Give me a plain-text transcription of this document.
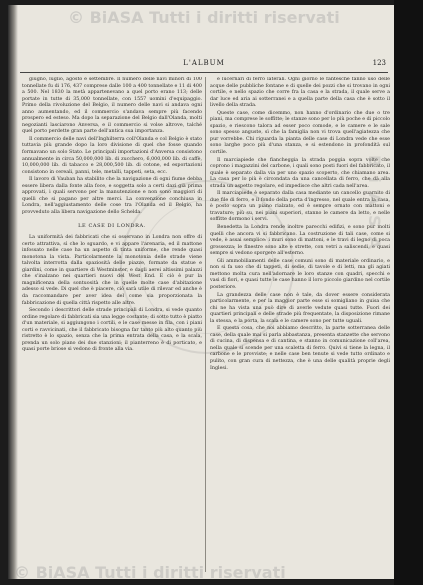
© BiASA Tutti i diritti riservati
L'ALBUM	123

giugno, luglio, agosto e settembre. Il numero delle navi minori di 100 tonnellate fu di 176, 437 comprese dalle 100 a 400 tonnellate e 11 di 400 a 500. Nel 1830 la metà appartenevano a quel porto erano 113; delle portate in tutte di 35,000 tonnellate, con 1557 uomini d'equipaggio. Primo della rivoluzione del Belgio, il numero delle navi si andava ogni anno aumentando, ed il commercio s'andava sempre più facendo prospero ed esteso. Ma dopo la separazione del Belgio dall'Olanda, molti negozianti lasciarono Anversa, e il commercio si volse altrove, talché quel porto perdette gran parte dell'antica sua importanza.

Il commercio delle navi dell'Inghilterra coll'Olanda e col Belgio è stato tuttavia più grande dopo la loro divisione di quel che fosse quando formavano un solo Stato. Le principali importazioni d'Anversa consistono annualmente in circa 50,000,000 lib. di zucchero, 6,000,000 lib. di caffè, 10,000,000 lib. di tabacco e 28,000,500 lib. di cotone, ed esportazioni consistono in cereali, panni, tele, metalli, tappeti, seta, ecc.

Il lavoro di Vauban ha stabilito che la navigazione di ogni fiume debba essere libera dalla fonte alla foce, e soggetta solo a certi dazi già prima approvati, i quali servono per la manutenzione e non sono maggiori di quelli che si pagano per altre merci. La convenzione conchiusa in Londra, nell'aggiustamento delle cose tra l'Olanda ed il Belgio, ha provveduto alla libera navigazione dello Schelda.

LE CASE DI LONDRA.

La uniformità dei fabbricati che si osservano in Londra non offre di certo attrattiva, sì che lo sguardo, e vi appare l'arenaria, ed il mattone infossato nelle case ha un aspetto di tinta uniforme, che rende quasi monotona la vista. Particolarmente la monotonia delle strade viene talvolta interrotta dalla spaziosità delle piazze, formate da statue e giardini, come in quartiere di Westminster, e dagli aerei altissimi palazzi che s'inalzano nei quartieri nuovi del West End. E ciò è pur la magnificenza della sontuosità che in quelle molte case d'abitazione adesso si vede. Di quel che è piacere, ciò sarà utile di rilevar ed anche è da raccomandare per aver idea del come sia proporzionata la fabbricazione di quella città rispetto alle altre.

Secondo i descrittori delle strade principali di Londra, si vede quanto ordine regolare di fabbricati sia una legge costante; di sotto tutto è piatto d'un materiale, si aggiungono i cortili, e le case messe in fila, con i piani corti e ravvicinati, che il fabbricato bisogna far tanto più alto quanto più ristretto è lo spazio, senza che la prima entrata della casa, e la scala, prenda un solo piano dei due stanzioni; il pianterreno è di porticato, e quasi porte briose si vedono di fronte alla via.

e lucernari di ferro laterali. Ogni giorno le fantesche fanno uso delle acque delle pubbliche fontane e di quelle dei pozzi che si trovano in ogni cortile, e nello spazio che corre fra la casa e la strada, il quale serve a dar luce ed aria ai sotterranei e a quella parte della casa che è sotto il livello della strada.

Queste case, come dicemmo, non hanno d'ordinario che due o tre piani, ma comprese le soffitte; le stanze sono per lo più poche e di piccolo spazio, e riescono talora ad esser poco comode, e le camere e le sale sono spesso anguste, sì che la famiglia non vi trova quell'agiatezza che pur vorrebbe. Chi riguarda la pianta delle case di Londra vede che esse sono larghe poco più d'una stanza, e si estendono in profondità sul cortile.

Il marciapiede che fiancheggia la strada poggia sopra volte che coprono i magazzini del carbone, i quali sono posti fuori del fabbricato, il quale è separato dalla via per uno spazio scoperto, che chiamano area. La casa per lo più è circondata da una cancellata di ferro, che dà alla strada un aspetto regolare, ed impedisce che altri cada nell'area.

Il marciapiede è separato dalla casa mediante un cancello guarnito di due file di ferro, e il fondo della porta d'ingresso, nel quale entra la casa, è posto sopra un piano rialzato, ed è sempre ornato con mattoni e travature; più su, nei piani superiori, stanno le camere da letto, e nelle soffitte dormono i servi.

Benedetta la Londra rende inoltre parecchi edifizi, e sono pur molti quelli che ancora vi si fabbricano. La costruzione di tali case, come si vede, è assai semplice: i muri sono di mattoni, e le travi di legno di poca grossezza; le finestre sono alte e strette, con vetri a saliscendi, e quasi sempre si vedono sporgere all'esterno.

Gli ammobiliamenti delle case comuni sono di materiale ordinario, e non si fa uso che di tappeti, di sedie, di tavole e di letti, ma gli agiati mettono molta cura nell'adornare le loro stanze con quadri, specchi e vasi di fiori, e quasi tutte le case hanno il loro piccolo giardino nel cortile posteriore.

La grandezza delle case non è tale, da dover essere considerata particolarmente, e per la maggior parte esse si somigliano in guisa che chi ne ha vista una può dire di averle vedute quasi tutte. Fuori dei quartieri principali e delle strade più frequentate, la disposizione rimane la stessa, e la porta, la scala e le camere sono per tutte uguali.

E questa cosa, che noi abbiamo descritto, la parte sotterranea delle case, della quale mai si parla abbastanza, presenta stanzette che servono di cucina, di dispensa e di cantina, e stanno in comunicazione coll'area, nella quale si scende per una scaletta di ferro. Quivi si tiene la legna, il carbone e le provviste; e nelle case ben tenute si vede tutto ordinato e pulito, con gran cura di nettezza, che è una delle qualità proprie degli Inglesi.

BiASA
© BiASA Tutti i diritti riservati
